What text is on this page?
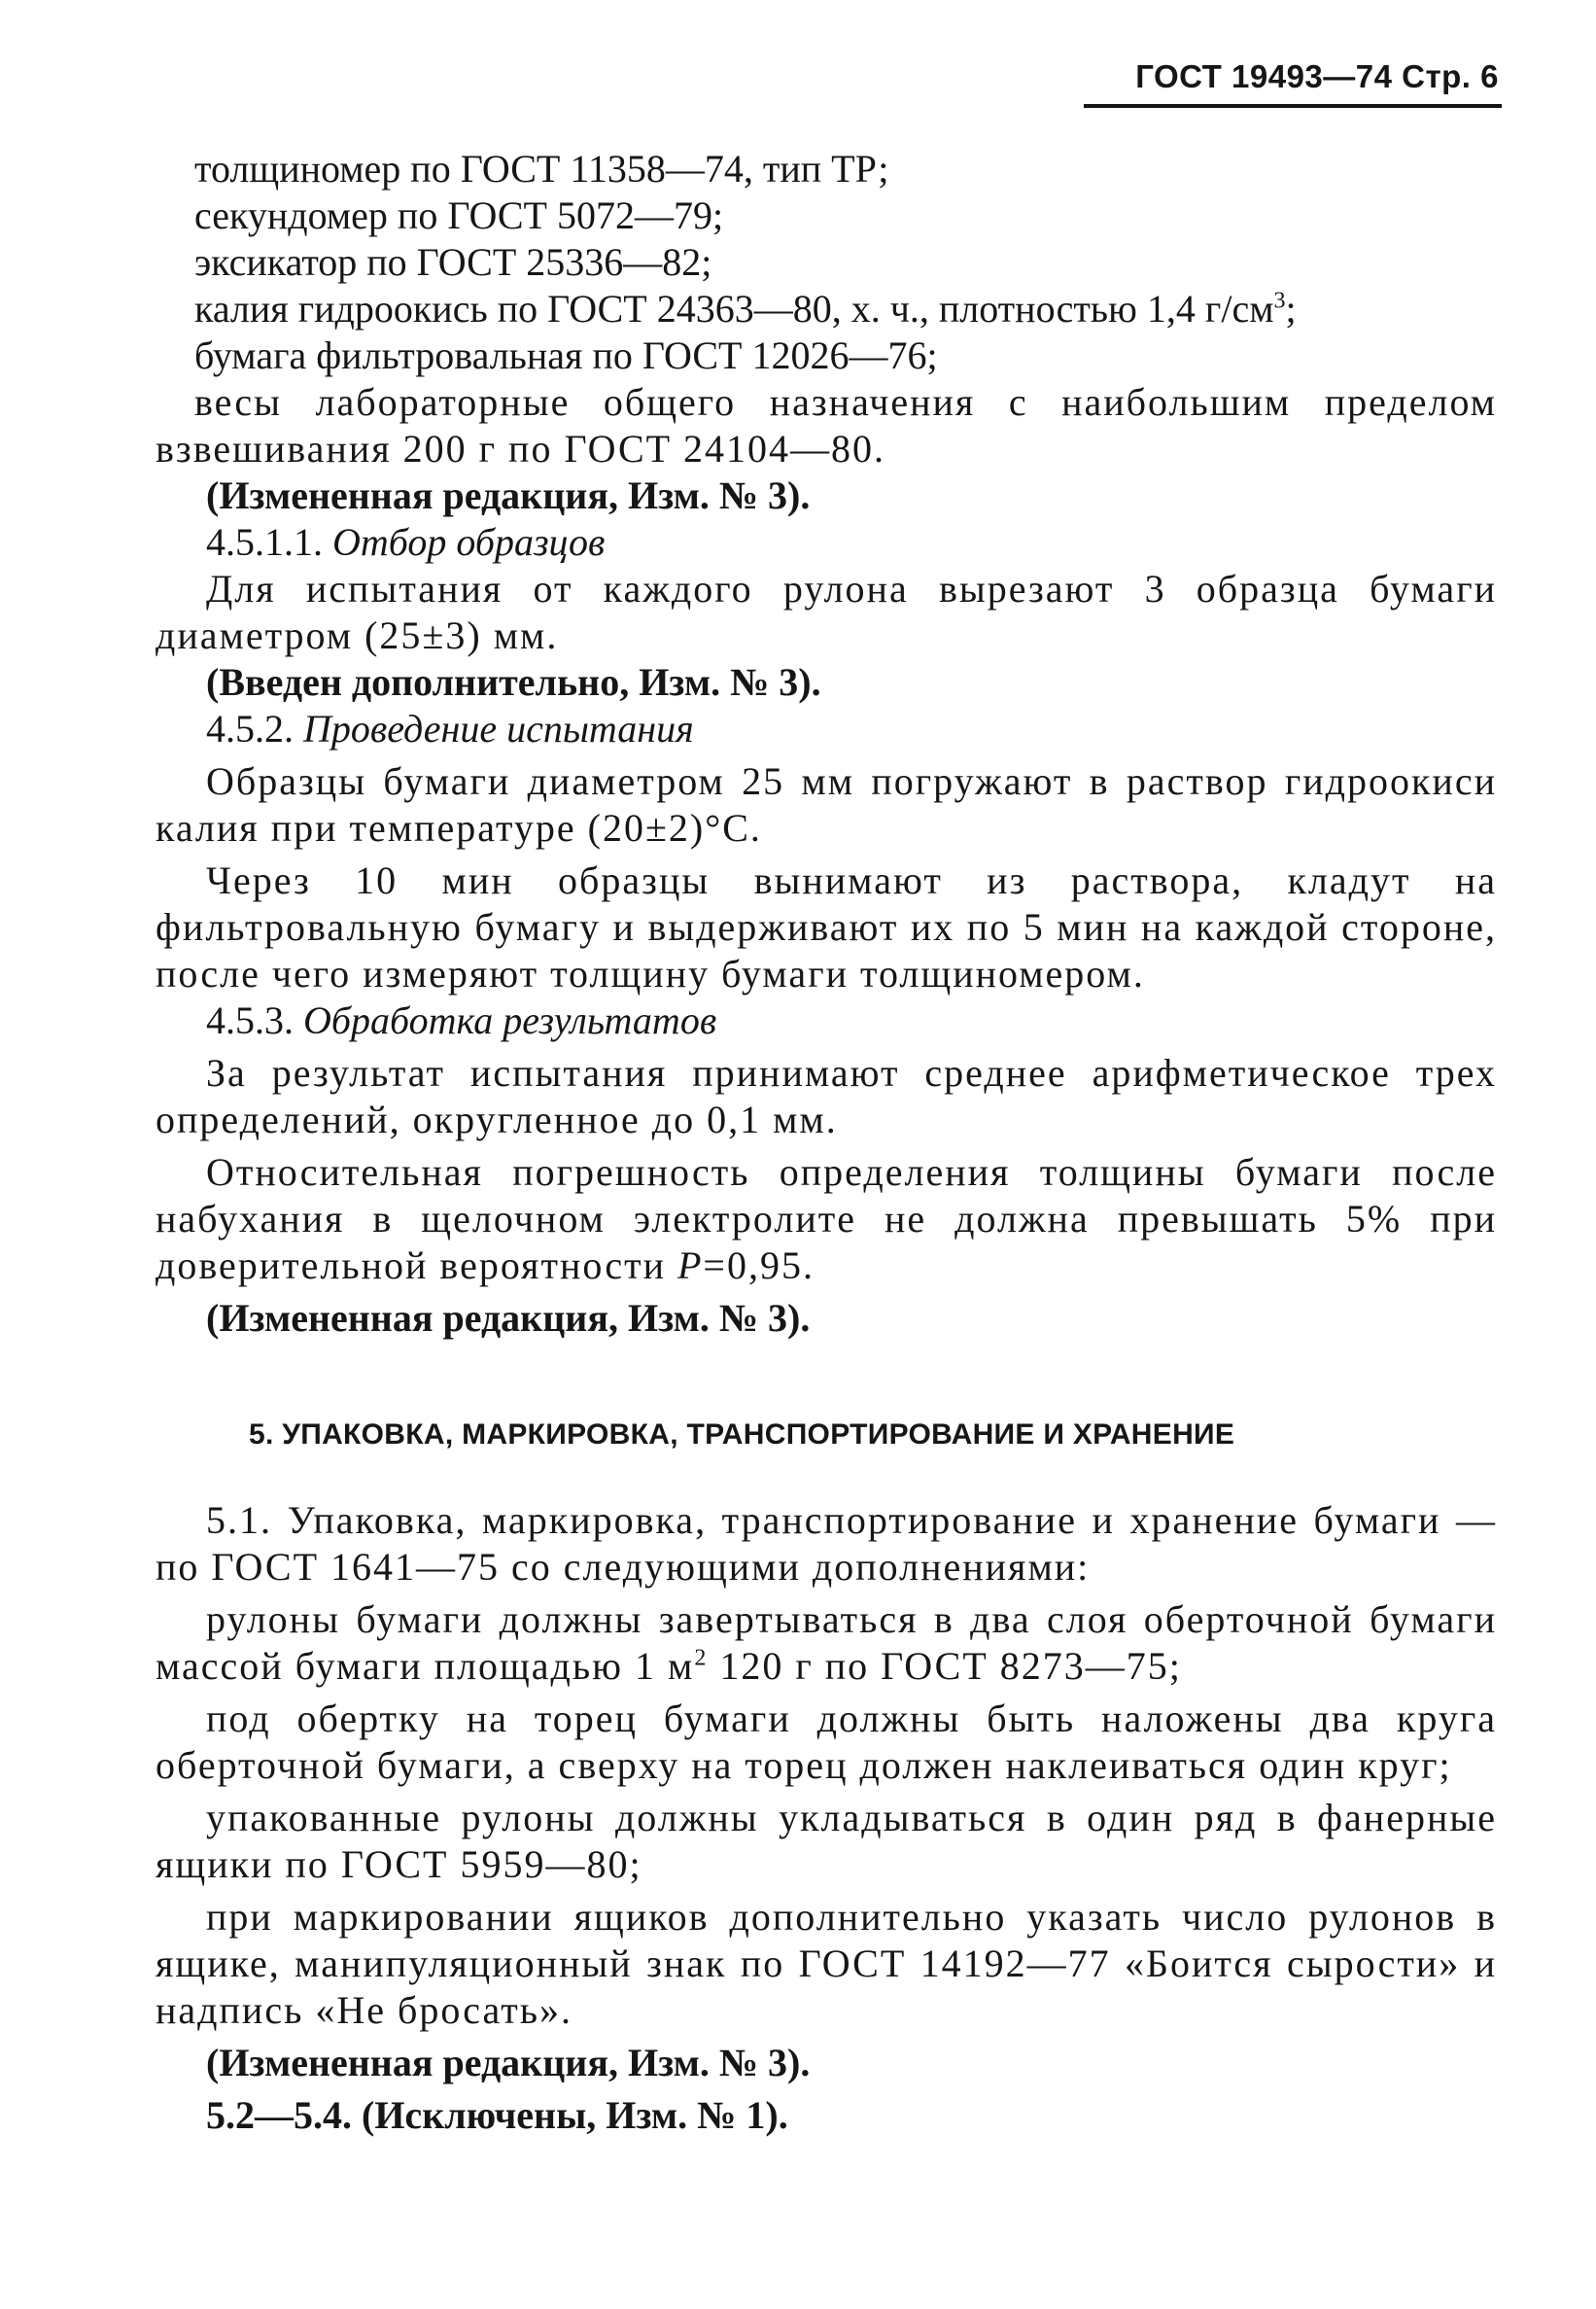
ГОСТ 19493—74 Стр. 6

толщиномер по ГОСТ 11358—74, тип ТР;

секундомер по ГОСТ 5072—79;

эксикатор по ГОСТ 25336—82;

калия гидроокись по ГОСТ 24363—80, х. ч., плотностью 1,4 $г/см^3$;

бумага фильтровальная по ГОСТ 12026—76;

весы лабораторные общего назначения с наибольшим пределом взвешивания 200 г по ГОСТ 24104—80.

(Измененная редакция, Изм. № 3).

4.5.1.1. Отбор образцов

Для испытания от каждого рулона вырезают 3 образца бумаги диаметром (25±3) мм.

(Введен дополнительно, Изм. № 3).

4.5.2. Проведение испытания

Образцы бумаги диаметром 25 мм погружают в раствор гидроокиси калия при температуре (20±2)°С.

Через 10 мин образцы вынимают из раствора, кладут на фильтровальную бумагу и выдерживают их по 5 мин на каждой стороне, после чего измеряют толщину бумаги толщиномером.

4.5.3. Обработка результатов

За результат испытания принимают среднее арифметическое трех определений, округленное до 0,1 мм.

Относительная погрешность определения толщины бумаги после набухания в щелочном электролите не должна превышать 5% при доверительной вероятности P=0,95.

(Измененная редакция, Изм. № 3).

5. УПАКОВКА, МАРКИРОВКА, ТРАНСПОРТИРОВАНИЕ И ХРАНЕНИЕ

5.1. Упаковка, маркировка, транспортирование и хранение бумаги — по ГОСТ 1641—75 со следующими дополнениями:

рулоны бумаги должны завертываться в два слоя оберточной бумаги массой бумаги площадью 1 $м^2$ 120 г по ГОСТ 8273—75;

под обертку на торец бумаги должны быть наложены два круга оберточной бумаги, а сверху на торец должен наклеиваться один круг;

упакованные рулоны должны укладываться в один ряд в фанерные ящики по ГОСТ 5959—80;

при маркировании ящиков дополнительно указать число рулонов в ящике, манипуляционный знак по ГОСТ 14192—77 «Боится сырости» и надпись «Не бросать».

(Измененная редакция, Изм. № 3).

5.2—5.4. (Исключены, Изм. № 1).
